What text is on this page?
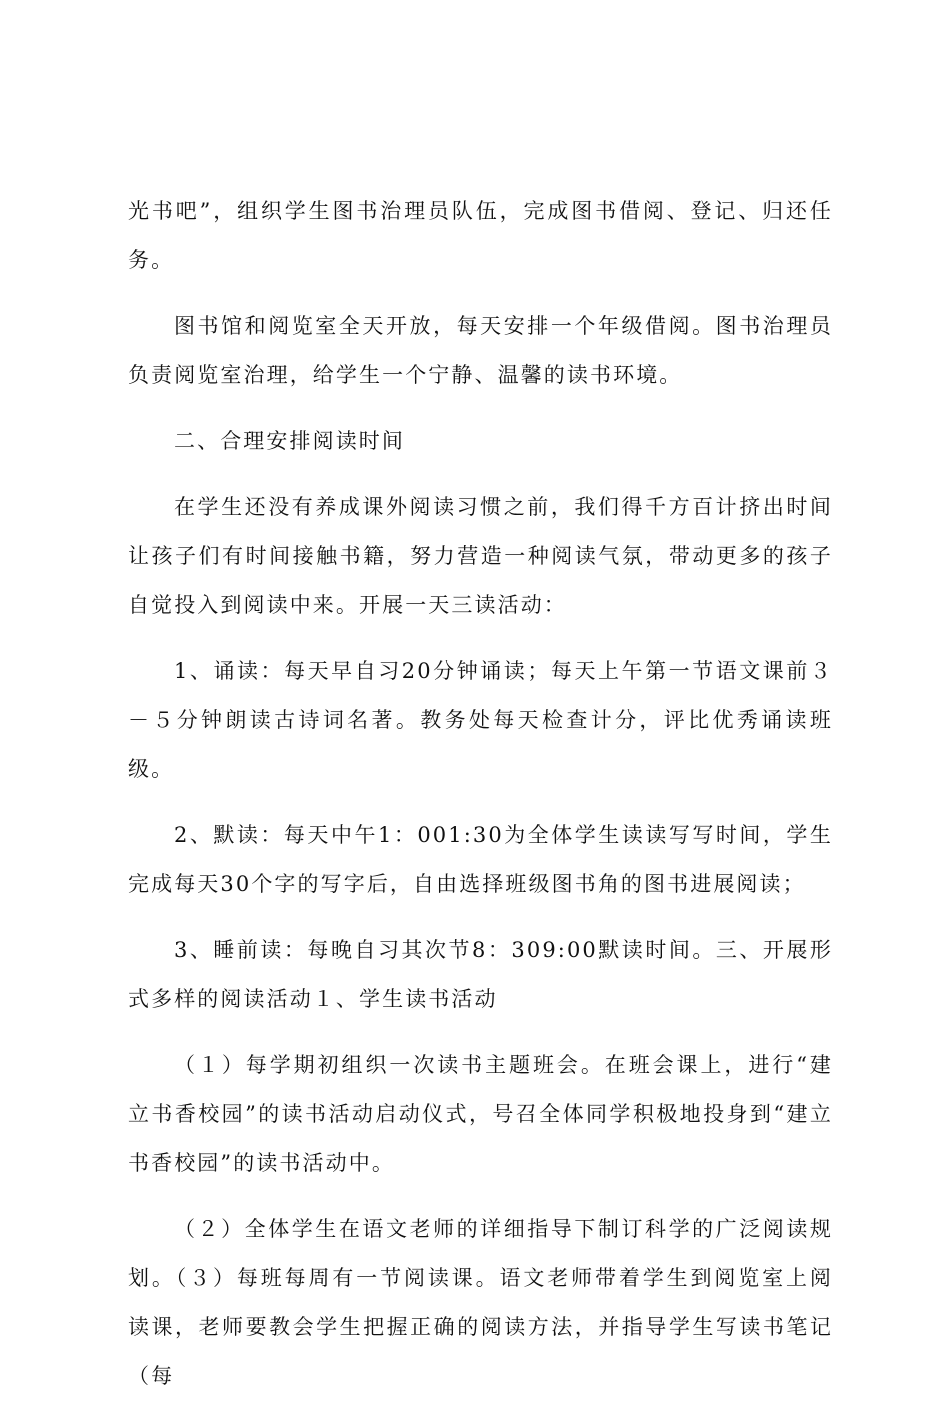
光书吧”，组织学生图书治理员队伍，完成图书借阅、登记、归还任务。

图书馆和阅览室全天开放，每天安排一个年级借阅。图书治理员负责阅览室治理，给学生一个宁静、温馨的读书环境。

二、合理安排阅读时间

在学生还没有养成课外阅读习惯之前，我们得千方百计挤出时间让孩子们有时间接触书籍，努力营造一种阅读气氛，带动更多的孩子自觉投入到阅读中来。开展一天三读活动：

1、诵读：每天早自习20分钟诵读；每天上午第一节语文课前３－５分钟朗读古诗词名著。教务处每天检查计分，评比优秀诵读班级。

2、默读：每天中午1：001:30为全体学生读读写写时间，学生完成每天30个字的写字后，自由选择班级图书角的图书进展阅读；

3、睡前读：每晚自习其次节8：309:00默读时间。三、开展形式多样的阅读活动１、学生读书活动

（１）每学期初组织一次读书主题班会。在班会课上，进行“建立书香校园”的读书活动启动仪式，号召全体同学积极地投身到“建立书香校园”的读书活动中。

（２）全体学生在语文老师的详细指导下制订科学的广泛阅读规划。（３）每班每周有一节阅读课。语文老师带着学生到阅览室上阅读课，老师要教会学生把握正确的阅读方法，并指导学生写读书笔记（每
